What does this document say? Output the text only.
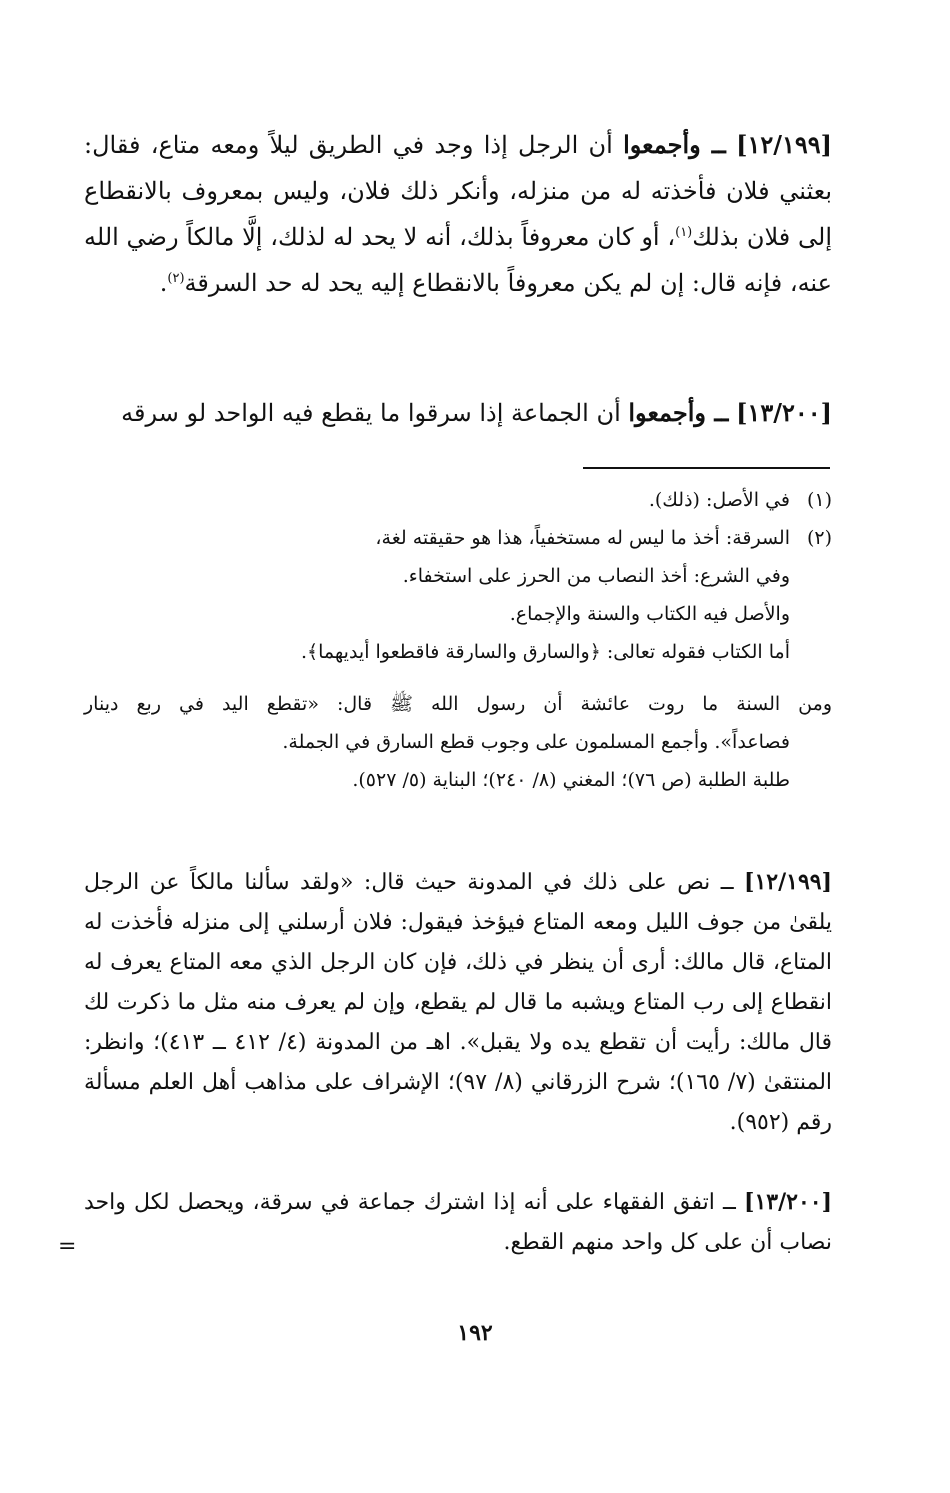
[١٢/١٩٩] ــ وأجمعوا أن الرجل إذا وجد في الطريق ليلاً ومعه متاع، فقال: بعثني فلان فأخذته له من منزله، وأنكر ذلك فلان، وليس بمعروف بالانقطاع إلى فلان بذلك$^{(١)}$، أو كان معروفاً بذلك، أنه لا يحد له لذلك، إلَّا مالكاً رضي الله عنه، فإنه قال: إن لم يكن معروفاً بالانقطاع إليه يحد له حد السرقة$^{(٢)}$.
[١٣/٢٠٠] ــ وأجمعوا أن الجماعة إذا سرقوا ما يقطع فيه الواحد لو سرقه
(١)
في الأصل: (ذلك).
(٢)
السرقة: أخذ ما ليس له مستخفياً، هذا هو حقيقته لغة،
وفي الشرع: أخذ النصاب من الحرز على استخفاء.
والأصل فيه الكتاب والسنة والإجماع.
أما الكتاب فقوله تعالى: ﴿والسارق والسارقة فاقطعوا أيديهما﴾.
ومن السنة ما روت عائشة أن رسول الله ﷺ قال: «تقطع اليد في ربع دينار
فصاعداً». وأجمع المسلمون على وجوب قطع السارق في الجملة.
طلبة الطلبة (ص ٧٦)؛ المغني (٨/ ٢٤٠)؛ البناية (٥/ ٥٢٧).
[١٢/١٩٩] ــ نص على ذلك في المدونة حيث قال: «ولقد سألنا مالكاً عن الرجل يلقىٰ من جوف الليل ومعه المتاع فيؤخذ فيقول: فلان أرسلني إلى منزله فأخذت له المتاع، قال مالك: أرى أن ينظر في ذلك، فإن كان الرجل الذي معه المتاع يعرف له انقطاع إلى رب المتاع ويشبه ما قال لم يقطع، وإن لم يعرف منه مثل ما ذكرت لك قال مالك: رأيت أن تقطع يده ولا يقبل». اهـ من المدونة (٤/ ٤١٢ ــ ٤١٣)؛ وانظر: المنتقىٰ (٧/ ١٦٥)؛ شرح الزرقاني (٨/ ٩٧)؛ الإشراف على مذاهب أهل العلم مسألة رقم (٩٥٢).
[١٣/٢٠٠] ــ اتفق الفقهاء على أنه إذا اشترك جماعة في سرقة، ويحصل لكل واحد نصاب أن على كل واحد منهم القطع.
=
١٩٢
